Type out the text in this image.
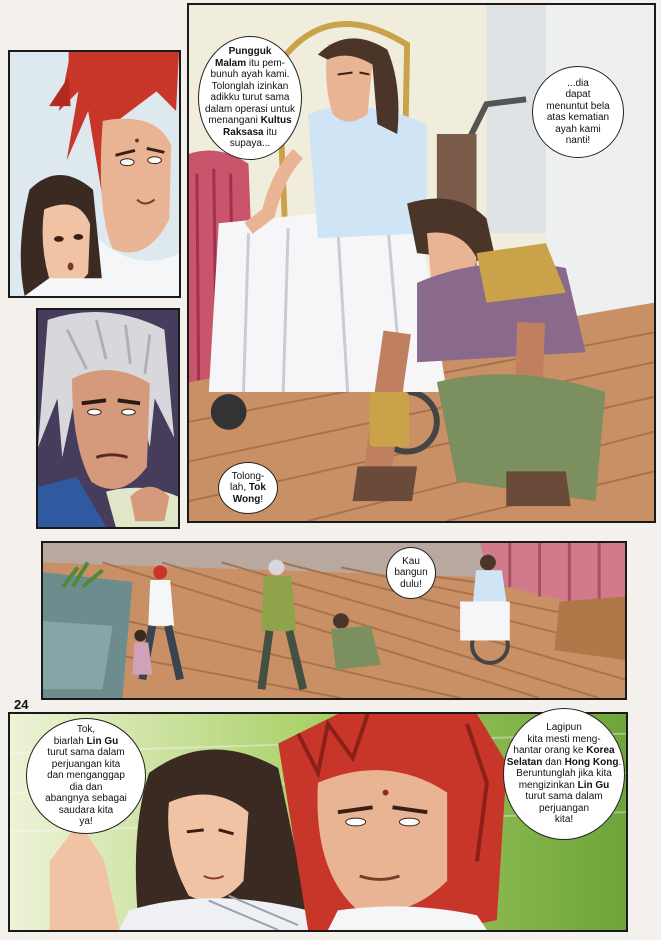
24
Pungguk
Malam itu pem-
bunuh ayah kami.
Tolonglah izinkan
adikku turut sama
dalam operasi untuk
menangani Kultus
Raksasa itu
supaya...
...dia
dapat
menuntut bela
atas kematian
ayah kami
nanti!
Tolong-
lah, Tok
Wong!
Kau
bangun
dulu!
Tok,
biarlah Lin Gu
turut sama dalam
perjuangan kita
dan menganggap
dia dan
abangnya sebagai
saudara kita
ya!
Lagipun
kita mesti meng-
hantar orang ke Korea
Selatan dan Hong Kong.
Beruntunglah jika kita
mengizinkan Lin Gu
turut sama dalam
perjuangan
kita!
